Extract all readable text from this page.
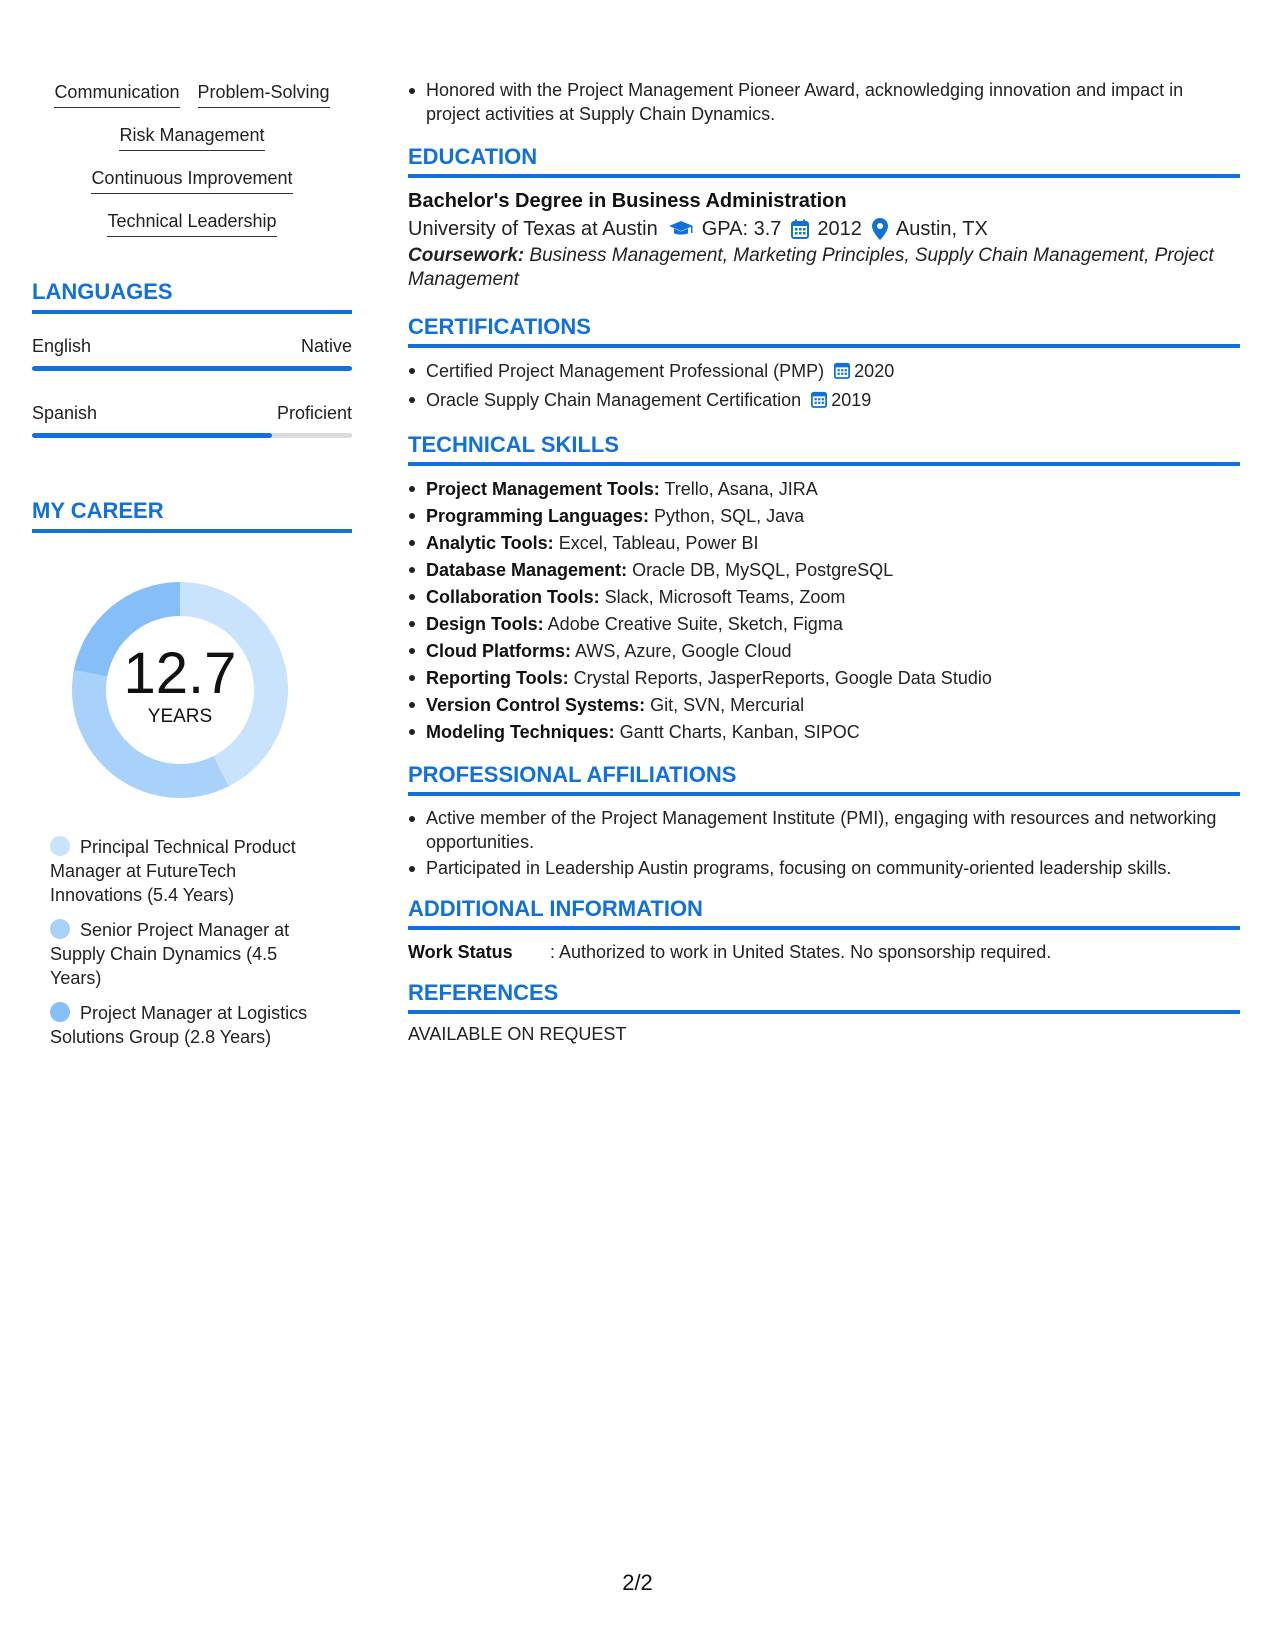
Communication Problem-Solving
Risk Management
Continuous Improvement
Technical Leadership
LANGUAGES
English	Native
Spanish	Proficient
MY CAREER
12.7
YEARS
Principal Technical Product Manager at FutureTech Innovations (5.4 Years)
Senior Project Manager at Supply Chain Dynamics (4.5 Years)
Project Manager at Logistics Solutions Group (2.8 Years)
Honored with the Project Management Pioneer Award, acknowledging innovation and impact in project activities at Supply Chain Dynamics.
EDUCATION
Bachelor's Degree in Business Administration
University of Texas at Austin GPA: 3.7 2012 Austin, TX
Coursework: Business Management, Marketing Principles, Supply Chain Management, Project Management
CERTIFICATIONS
Certified Project Management Professional (PMP) 2020
Oracle Supply Chain Management Certification 2019
TECHNICAL SKILLS
Project Management Tools: Trello, Asana, JIRA
Programming Languages: Python, SQL, Java
Analytic Tools: Excel, Tableau, Power BI
Database Management: Oracle DB, MySQL, PostgreSQL
Collaboration Tools: Slack, Microsoft Teams, Zoom
Design Tools: Adobe Creative Suite, Sketch, Figma
Cloud Platforms: AWS, Azure, Google Cloud
Reporting Tools: Crystal Reports, JasperReports, Google Data Studio
Version Control Systems: Git, SVN, Mercurial
Modeling Techniques: Gantt Charts, Kanban, SIPOC
PROFESSIONAL AFFILIATIONS
Active member of the Project Management Institute (PMI), engaging with resources and networking opportunities.
Participated in Leadership Austin programs, focusing on community-oriented leadership skills.
ADDITIONAL INFORMATION
Work Status	: Authorized to work in United States. No sponsorship required.
REFERENCES
AVAILABLE ON REQUEST
2/2
